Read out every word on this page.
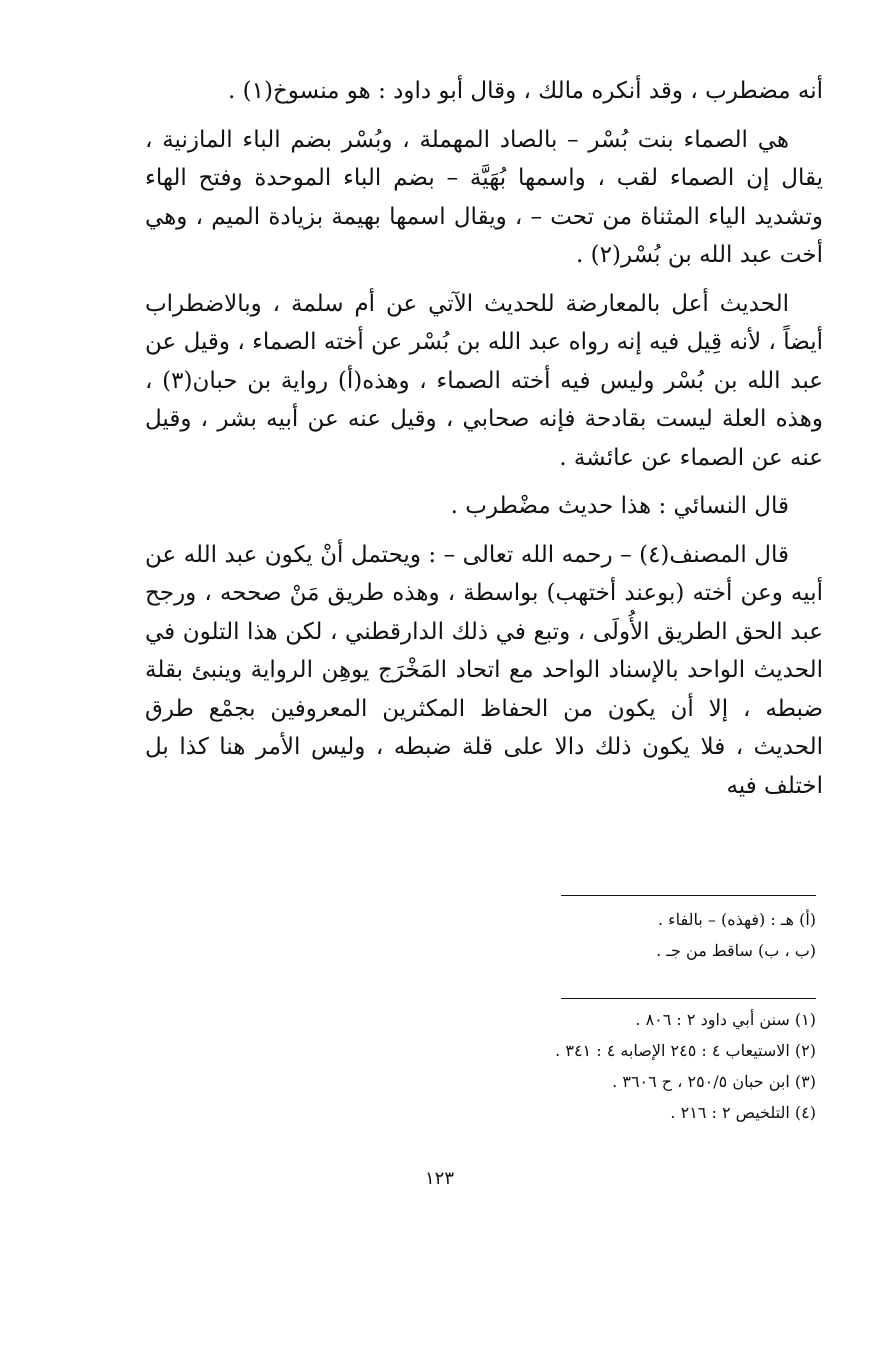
أنه مضطرب ، وقد أنكره مالك ، وقال أبو داود : هو منسوخ(١) .

هي الصماء بنت بُسْر – بالصاد المهملة ، وبُسْر بضم الباء المازنية ، يقال إن الصماء لقب ، واسمها بُهَيَّة – بضم الباء الموحدة وفتح الهاء وتشديد الياء المثناة من تحت – ، ويقال اسمها بهيمة بزيادة الميم ، وهي أخت عبد الله بن بُسْر(٢) .

الحديث أعل بالمعارضة للحديث الآتي عن أم سلمة ، وبالاضطراب أيضاً ، لأنه قِيل فيه إنه رواه عبد الله بن بُسْر عن أخته الصماء ، وقيل عن عبد الله بن بُسْر وليس فيه أخته الصماء ، وهذه(أ) رواية بن حبان(٣) ، وهذه العلة ليست بقادحة فإنه صحابي ، وقيل عنه عن أبيه بشر ، وقيل عنه عن الصماء عن عائشة .

قال النسائي : هذا حديث مضْطرب .

قال المصنف(٤) – رحمه الله تعالى – : ويحتمل أنْ يكون عبد الله عن أبيه وعن أخته (بوعند أختهب) بواسطة ، وهذه طريق مَنْ صححه ، ورجح عبد الحق الطريق الأُولَى ، وتبع في ذلك الدارقطني ، لكن هذا التلون في الحديث الواحد بالإسناد الواحد مع اتحاد المَخْرَج يوهِن الرواية وينبئ بقلة ضبطه ، إلا أن يكون من الحفاظ المكثرين المعروفين بجمْع طرق الحديث ، فلا يكون ذلك دالا على قلة ضبطه ، وليس الأمر هنا كذا بل اختلف فيه

(أ) هـ : (فهذه) – بالفاء .
(ب ، ب) ساقط من جـ .
(١) سنن أبي داود ٢ : ٨٠٦ .
(٢) الاستيعاب ٤ : ٢٤٥ الإصابه ٤ : ٣٤١ .
(٣) ابن حبان ٢٥٠/٥ ، ح ٣٦٠٦ .
(٤) التلخيص ٢ : ٢١٦ .
١٢٣
